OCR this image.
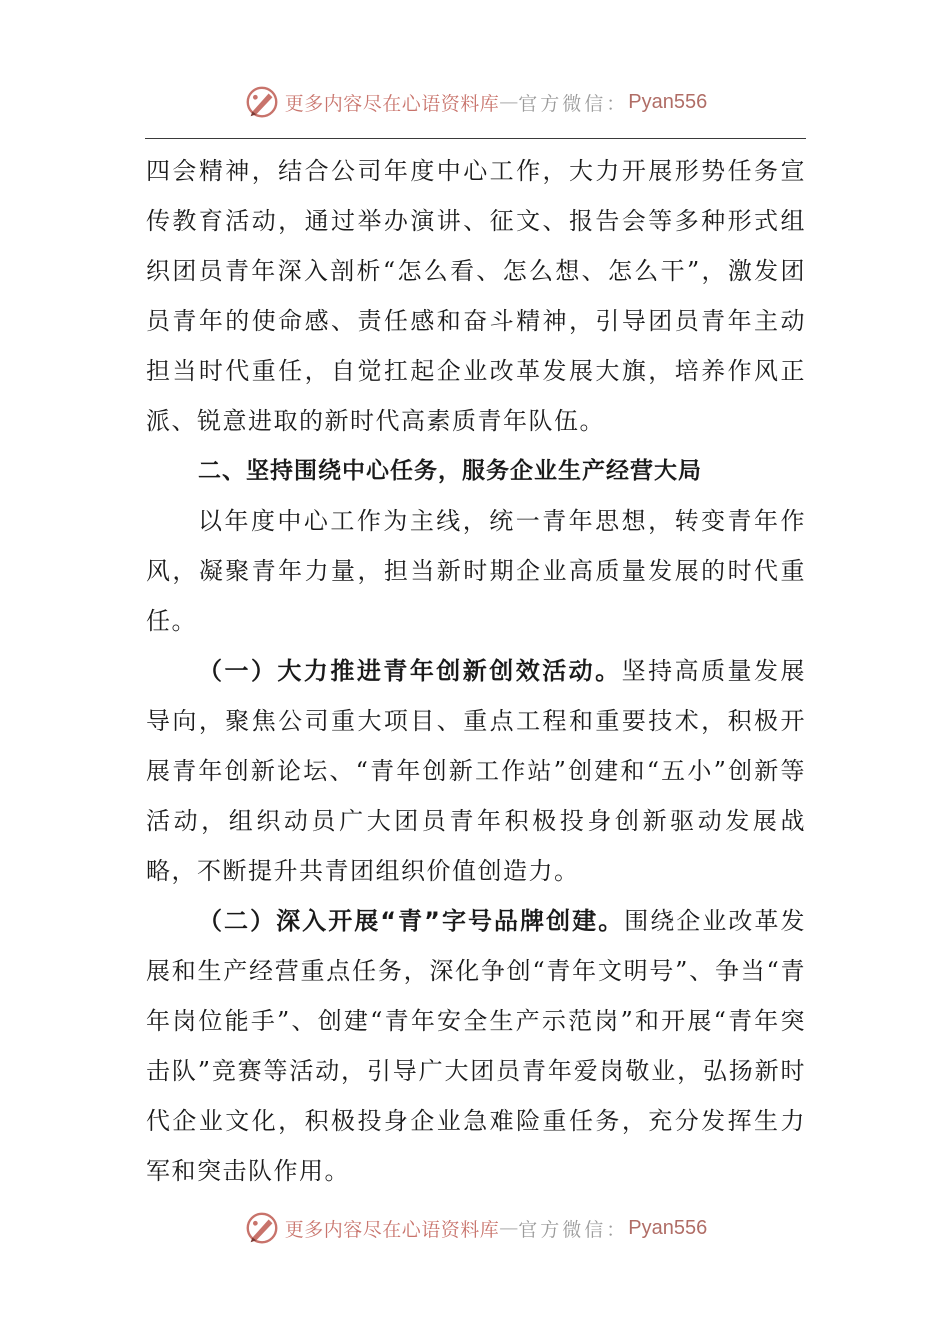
更多内容尽在心语资料库 — 官方微信： Pyan556

四会精神，结合公司年度中心工作，大力开展形势任务宣传教育活动，通过举办演讲、征文、报告会等多种形式组织团员青年深入剖析“怎么看、怎么想、怎么干”，激发团员青年的使命感、责任感和奋斗精神，引导团员青年主动担当时代重任，自觉扛起企业改革发展大旗，培养作风正派、锐意进取的新时代高素质青年队伍。

二、坚持围绕中心任务，服务企业生产经营大局

以年度中心工作为主线，统一青年思想，转变青年作风，凝聚青年力量，担当新时期企业高质量发展的时代重任。

（一）大力推进青年创新创效活动。坚持高质量发展导向，聚焦公司重大项目、重点工程和重要技术，积极开展青年创新论坛、“青年创新工作站”创建和“五小”创新等活动，组织动员广大团员青年积极投身创新驱动发展战略，不断提升共青团组织价值创造力。

（二）深入开展“青”字号品牌创建。围绕企业改革发展和生产经营重点任务，深化争创“青年文明号”、争当“青年岗位能手”、创建“青年安全生产示范岗”和开展“青年突击队”竞赛等活动，引导广大团员青年爱岗敬业，弘扬新时代企业文化，积极投身企业急难险重任务，充分发挥生力军和突击队作用。

更多内容尽在心语资料库 — 官方微信： Pyan556
